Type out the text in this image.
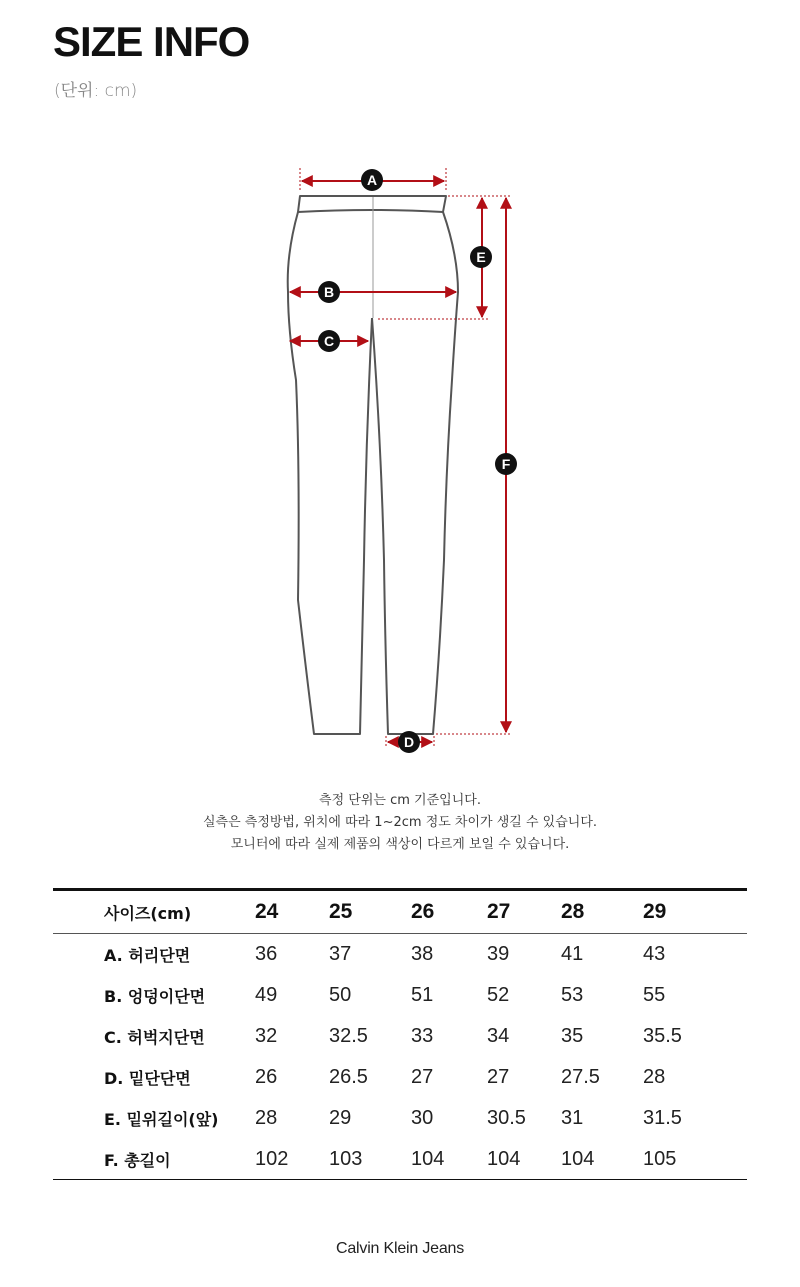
SIZE INFO
(단위: cm)
A
B
C
D
E
F
측정 단위는 cm 기준입니다.
실측은 측정방법, 위치에 따라 1~2cm 정도 차이가 생길 수 있습니다.
모니터에 따라 실제 제품의 색상이 다르게 보일 수 있습니다.
사이즈(cm)	24	25	26	27	28	29
A. 허리단면	36	37	38	39	41	43
B. 엉덩이단면	49	50	51	52	53	55
C. 허벅지단면	32	32.5	33	34	35	35.5
D. 밑단단면	26	26.5	27	27	27.5	28
E. 밑위길이(앞)	28	29	30	30.5	31	31.5
F. 총길이	102	103	104	104	104	105
Calvin Klein Jeans
